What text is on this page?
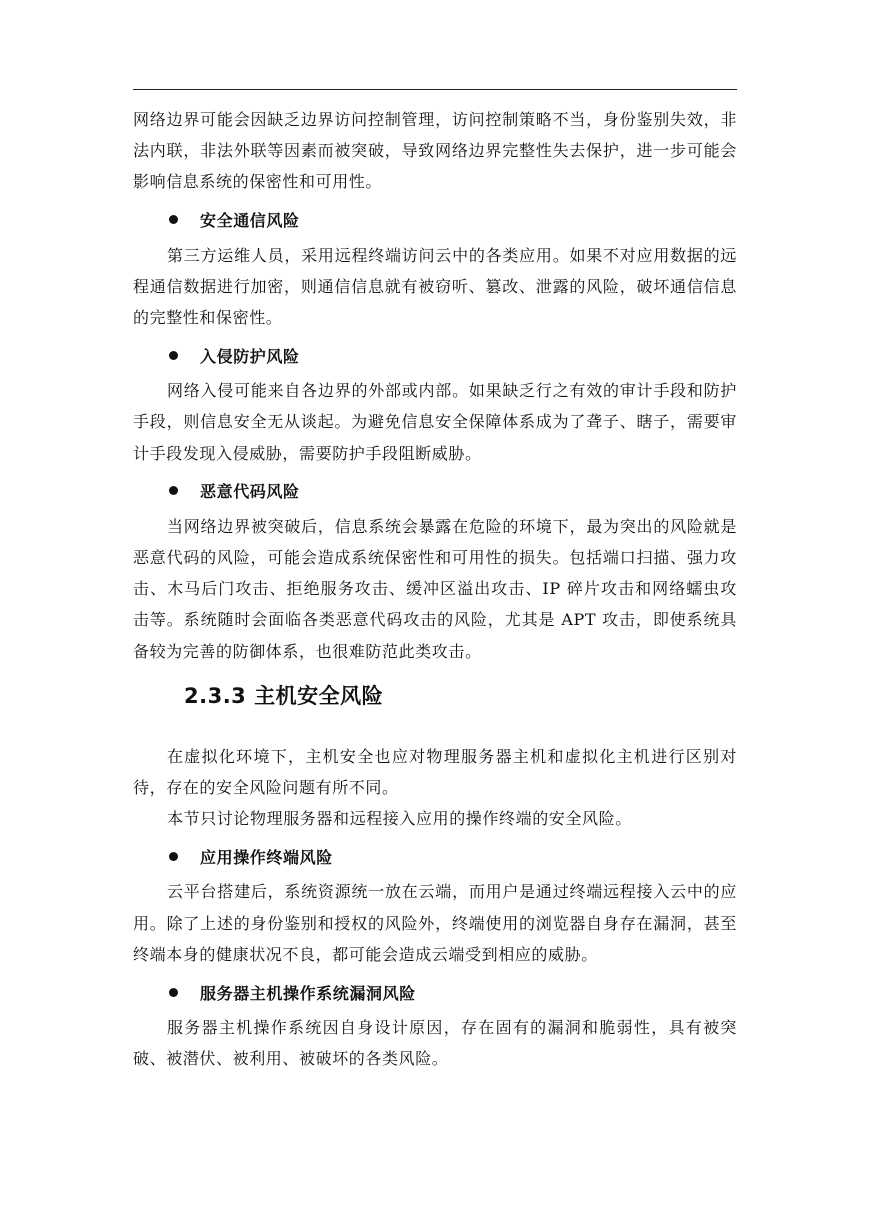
网络边界可能会因缺乏边界访问控制管理，访问控制策略不当，身份鉴别失效，非法内联，非法外联等因素而被突破，导致网络边界完整性失去保护，进一步可能会影响信息系统的保密性和可用性。

安全通信风险

第三方运维人员，采用远程终端访问云中的各类应用。如果不对应用数据的远程通信数据进行加密，则通信信息就有被窃听、篡改、泄露的风险，破坏通信信息的完整性和保密性。

入侵防护风险

网络入侵可能来自各边界的外部或内部。如果缺乏行之有效的审计手段和防护手段，则信息安全无从谈起。为避免信息安全保障体系成为了聋子、瞎子，需要审计手段发现入侵威胁，需要防护手段阻断威胁。

恶意代码风险

当网络边界被突破后，信息系统会暴露在危险的环境下，最为突出的风险就是恶意代码的风险，可能会造成系统保密性和可用性的损失。包括端口扫描、强力攻击、木马后门攻击、拒绝服务攻击、缓冲区溢出攻击、IP 碎片攻击和网络蠕虫攻击等。系统随时会面临各类恶意代码攻击的风险，尤其是 APT 攻击，即使系统具备较为完善的防御体系，也很难防范此类攻击。

2.3.3 主机安全风险

在虚拟化环境下，主机安全也应对物理服务器主机和虚拟化主机进行区别对待，存在的安全风险问题有所不同。

本节只讨论物理服务器和远程接入应用的操作终端的安全风险。

应用操作终端风险

云平台搭建后，系统资源统一放在云端，而用户是通过终端远程接入云中的应用。除了上述的身份鉴别和授权的风险外，终端使用的浏览器自身存在漏洞，甚至终端本身的健康状况不良，都可能会造成云端受到相应的威胁。

服务器主机操作系统漏洞风险

服务器主机操作系统因自身设计原因，存在固有的漏洞和脆弱性，具有被突破、被潜伏、被利用、被破坏的各类风险。
